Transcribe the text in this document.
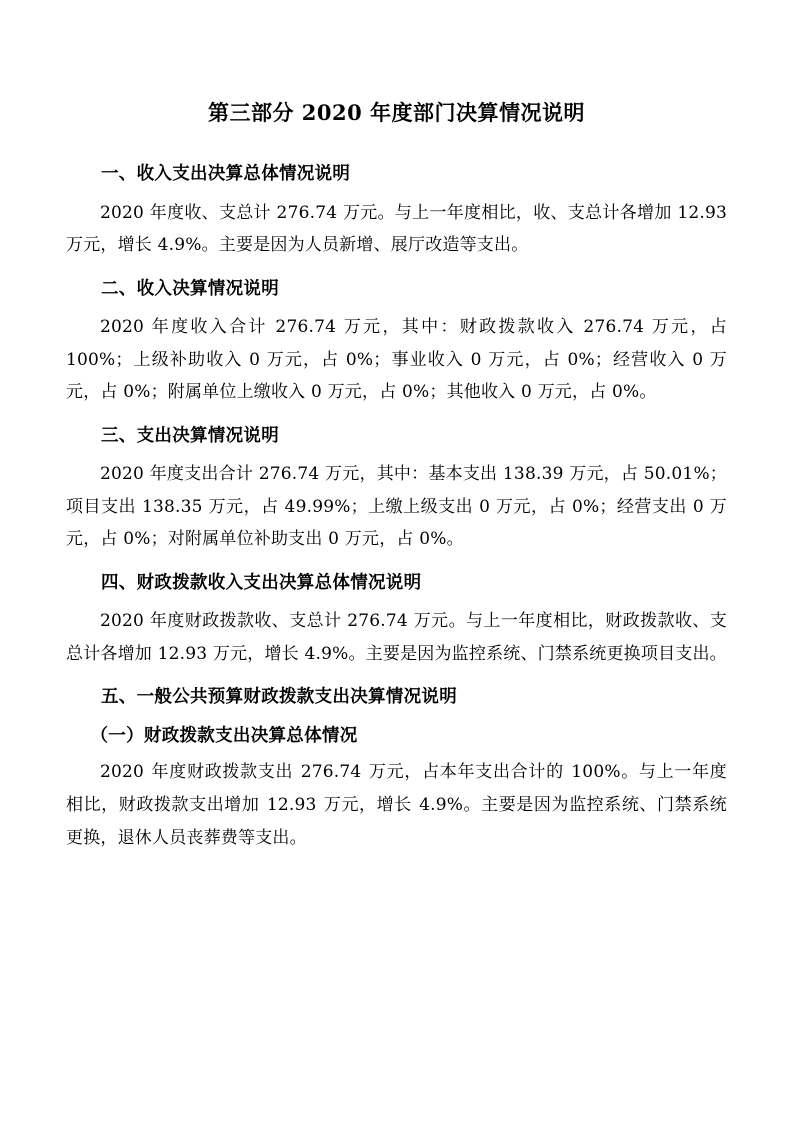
第三部分 2020 年度部门决算情况说明
一、收入支出决算总体情况说明

2020 年度收、支总计 276.74 万元。与上一年度相比，收、支总计各增加 12.93 万元，增长 4.9%。主要是因为人员新增、展厅改造等支出。

二、收入决算情况说明

2020 年度收入合计 276.74 万元，其中：财政拨款收入 276.74 万元，占 100%；上级补助收入 0 万元，占 0%；事业收入 0 万元，占 0%；经营收入 0 万元，占 0%；附属单位上缴收入 0 万元，占 0%；其他收入 0 万元，占 0%。

三、支出决算情况说明

2020 年度支出合计 276.74 万元，其中：基本支出 138.39 万元，占 50.01%；项目支出 138.35 万元，占 49.99%；上缴上级支出 0 万元，占 0%；经营支出 0 万元，占 0%；对附属单位补助支出 0 万元，占 0%。

四、财政拨款收入支出决算总体情况说明

2020 年度财政拨款收、支总计 276.74 万元。与上一年度相比，财政拨款收、支总计各增加 12.93 万元，增长 4.9%。主要是因为监控系统、门禁系统更换项目支出。

五、一般公共预算财政拨款支出决算情况说明
（一）财政拨款支出决算总体情况

2020 年度财政拨款支出 276.74 万元，占本年支出合计的 100%。与上一年度相比，财政拨款支出增加 12.93 万元，增长 4.9%。主要是因为监控系统、门禁系统更换，退休人员丧葬费等支出。
